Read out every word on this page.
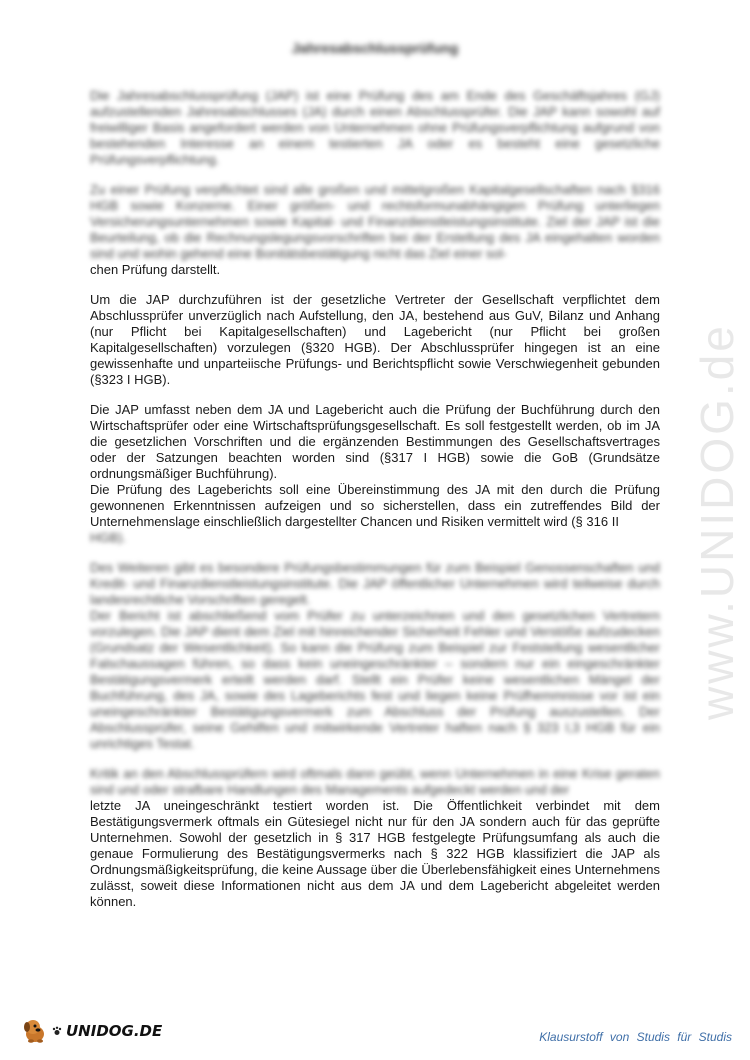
Jahresabschlussprüfung

Die Jahresabschlussprüfung (JAP) ist eine Prüfung des am Ende des Geschäftsjahres (GJ) aufzustellenden Jahresabschlusses (JA) durch einen Abschlussprüfer. Die JAP kann sowohl auf freiwilliger Basis angefordert werden von Unternehmen ohne Prüfungsverpflichtung aufgrund von bestehenden Interesse an einem testierten JA oder es besteht eine gesetzliche Prüfungsverpflichtung.

Zu einer Prüfung verpflichtet sind alle großen und mittelgroßen Kapitalgesellschaften nach §316 HGB sowie Konzerne. Einer größen- und rechtsformunabhängigen Prüfung unterliegen Versicherungsunternehmen sowie Kapital- und Finanzdienstleistungsinstitute. Ziel der JAP ist die Beurteilung, ob die Rechnungslegungsvorschriften bei der Erstellung des JA eingehalten worden sind und wohin gehend eine Bonitätsbestätigung nicht das Ziel einer sol-

chen Prüfung darstellt.

Um die JAP durchzuführen ist der gesetzliche Vertreter der Gesellschaft verpflichtet dem Abschlussprüfer unverzüglich nach Aufstellung, den JA, bestehend aus GuV, Bilanz und Anhang (nur Pflicht bei Kapitalgesellschaften) und Lagebericht (nur Pflicht bei großen Kapitalgesellschaften) vorzulegen (§320 HGB). Der Abschlussprüfer hingegen ist an eine gewissenhafte und unparteiische Prüfungs- und Berichtspflicht sowie Verschwiegenheit gebunden (§323 I HGB).

Die JAP umfasst neben dem JA und Lagebericht auch die Prüfung der Buchführung durch den Wirtschaftsprüfer oder eine Wirtschaftsprüfungsgesellschaft. Es soll festgestellt werden, ob im JA die gesetzlichen Vorschriften und die ergänzenden Bestimmungen des Gesellschaftsvertrages oder der Satzungen beachten worden sind (§317 I HGB) sowie die GoB (Grundsätze ordnungsmäßiger Buchführung).

Die Prüfung des Lageberichts soll eine Übereinstimmung des JA mit den durch die Prüfung gewonnenen Erkenntnissen aufzeigen und so sicherstellen, dass ein zutreffendes Bild der Unternehmenslage einschließlich dargestellter Chancen und Risiken vermittelt wird (§ 316 II
HGB).

Des Weiteren gibt es besondere Prüfungsbestimmungen für zum Beispiel Genossenschaften und Kredit- und Finanzdienstleistungsinstitute. Die JAP öffentlicher Unternehmen wird teilweise durch landesrechtliche Vorschriften geregelt.

Der Bericht ist abschließend vom Prüfer zu unterzeichnen und den gesetzlichen Vertretern vorzulegen. Die JAP dient dem Ziel mit hinreichender Sicherheit Fehler und Verstöße aufzudecken (Grundsatz der Wesentlichkeit). So kann die Prüfung zum Beispiel zur Feststellung wesentlicher Falschaussagen führen, so dass kein uneingeschränkter – sondern nur ein eingeschränkter Bestätigungsvermerk erteilt werden darf. Stellt ein Prüfer keine wesentlichen Mängel der Buchführung, des JA, sowie des Lageberichts fest und liegen keine Prüfhemmnisse vor ist ein uneingeschränkter Bestätigungsvermerk zum Abschluss der Prüfung auszustellen. Der Abschlussprüfer, seine Gehilfen und mitwirkende Vertreter haften nach § 323 I,3 HGB für ein unrichtiges Testat.

Kritik an den Abschlussprüfern wird oftmals dann geübt, wenn Unternehmen in eine Krise geraten sind und oder strafbare Handlungen des Managements aufgedeckt werden und der

letzte JA uneingeschränkt testiert worden ist. Die Öffentlichkeit verbindet mit dem Bestätigungsvermerk oftmals ein Gütesiegel nicht nur für den JA sondern auch für das geprüfte Unternehmen. Sowohl der gesetzlich in § 317 HGB festgelegte Prüfungsumfang als auch die genaue Formulierung des Bestätigungsvermerks nach § 322 HGB klassifiziert die JAP als Ordnungsmäßigkeitsprüfung, die keine Aussage über die Überlebensfähigkeit eines Unternehmens zulässt, soweit diese Informationen nicht aus dem JA und dem Lagebericht abgeleitet werden können.

www.UNIDOG.de
UNIDOG.DE	Klausurstoff von Studis für Studis
